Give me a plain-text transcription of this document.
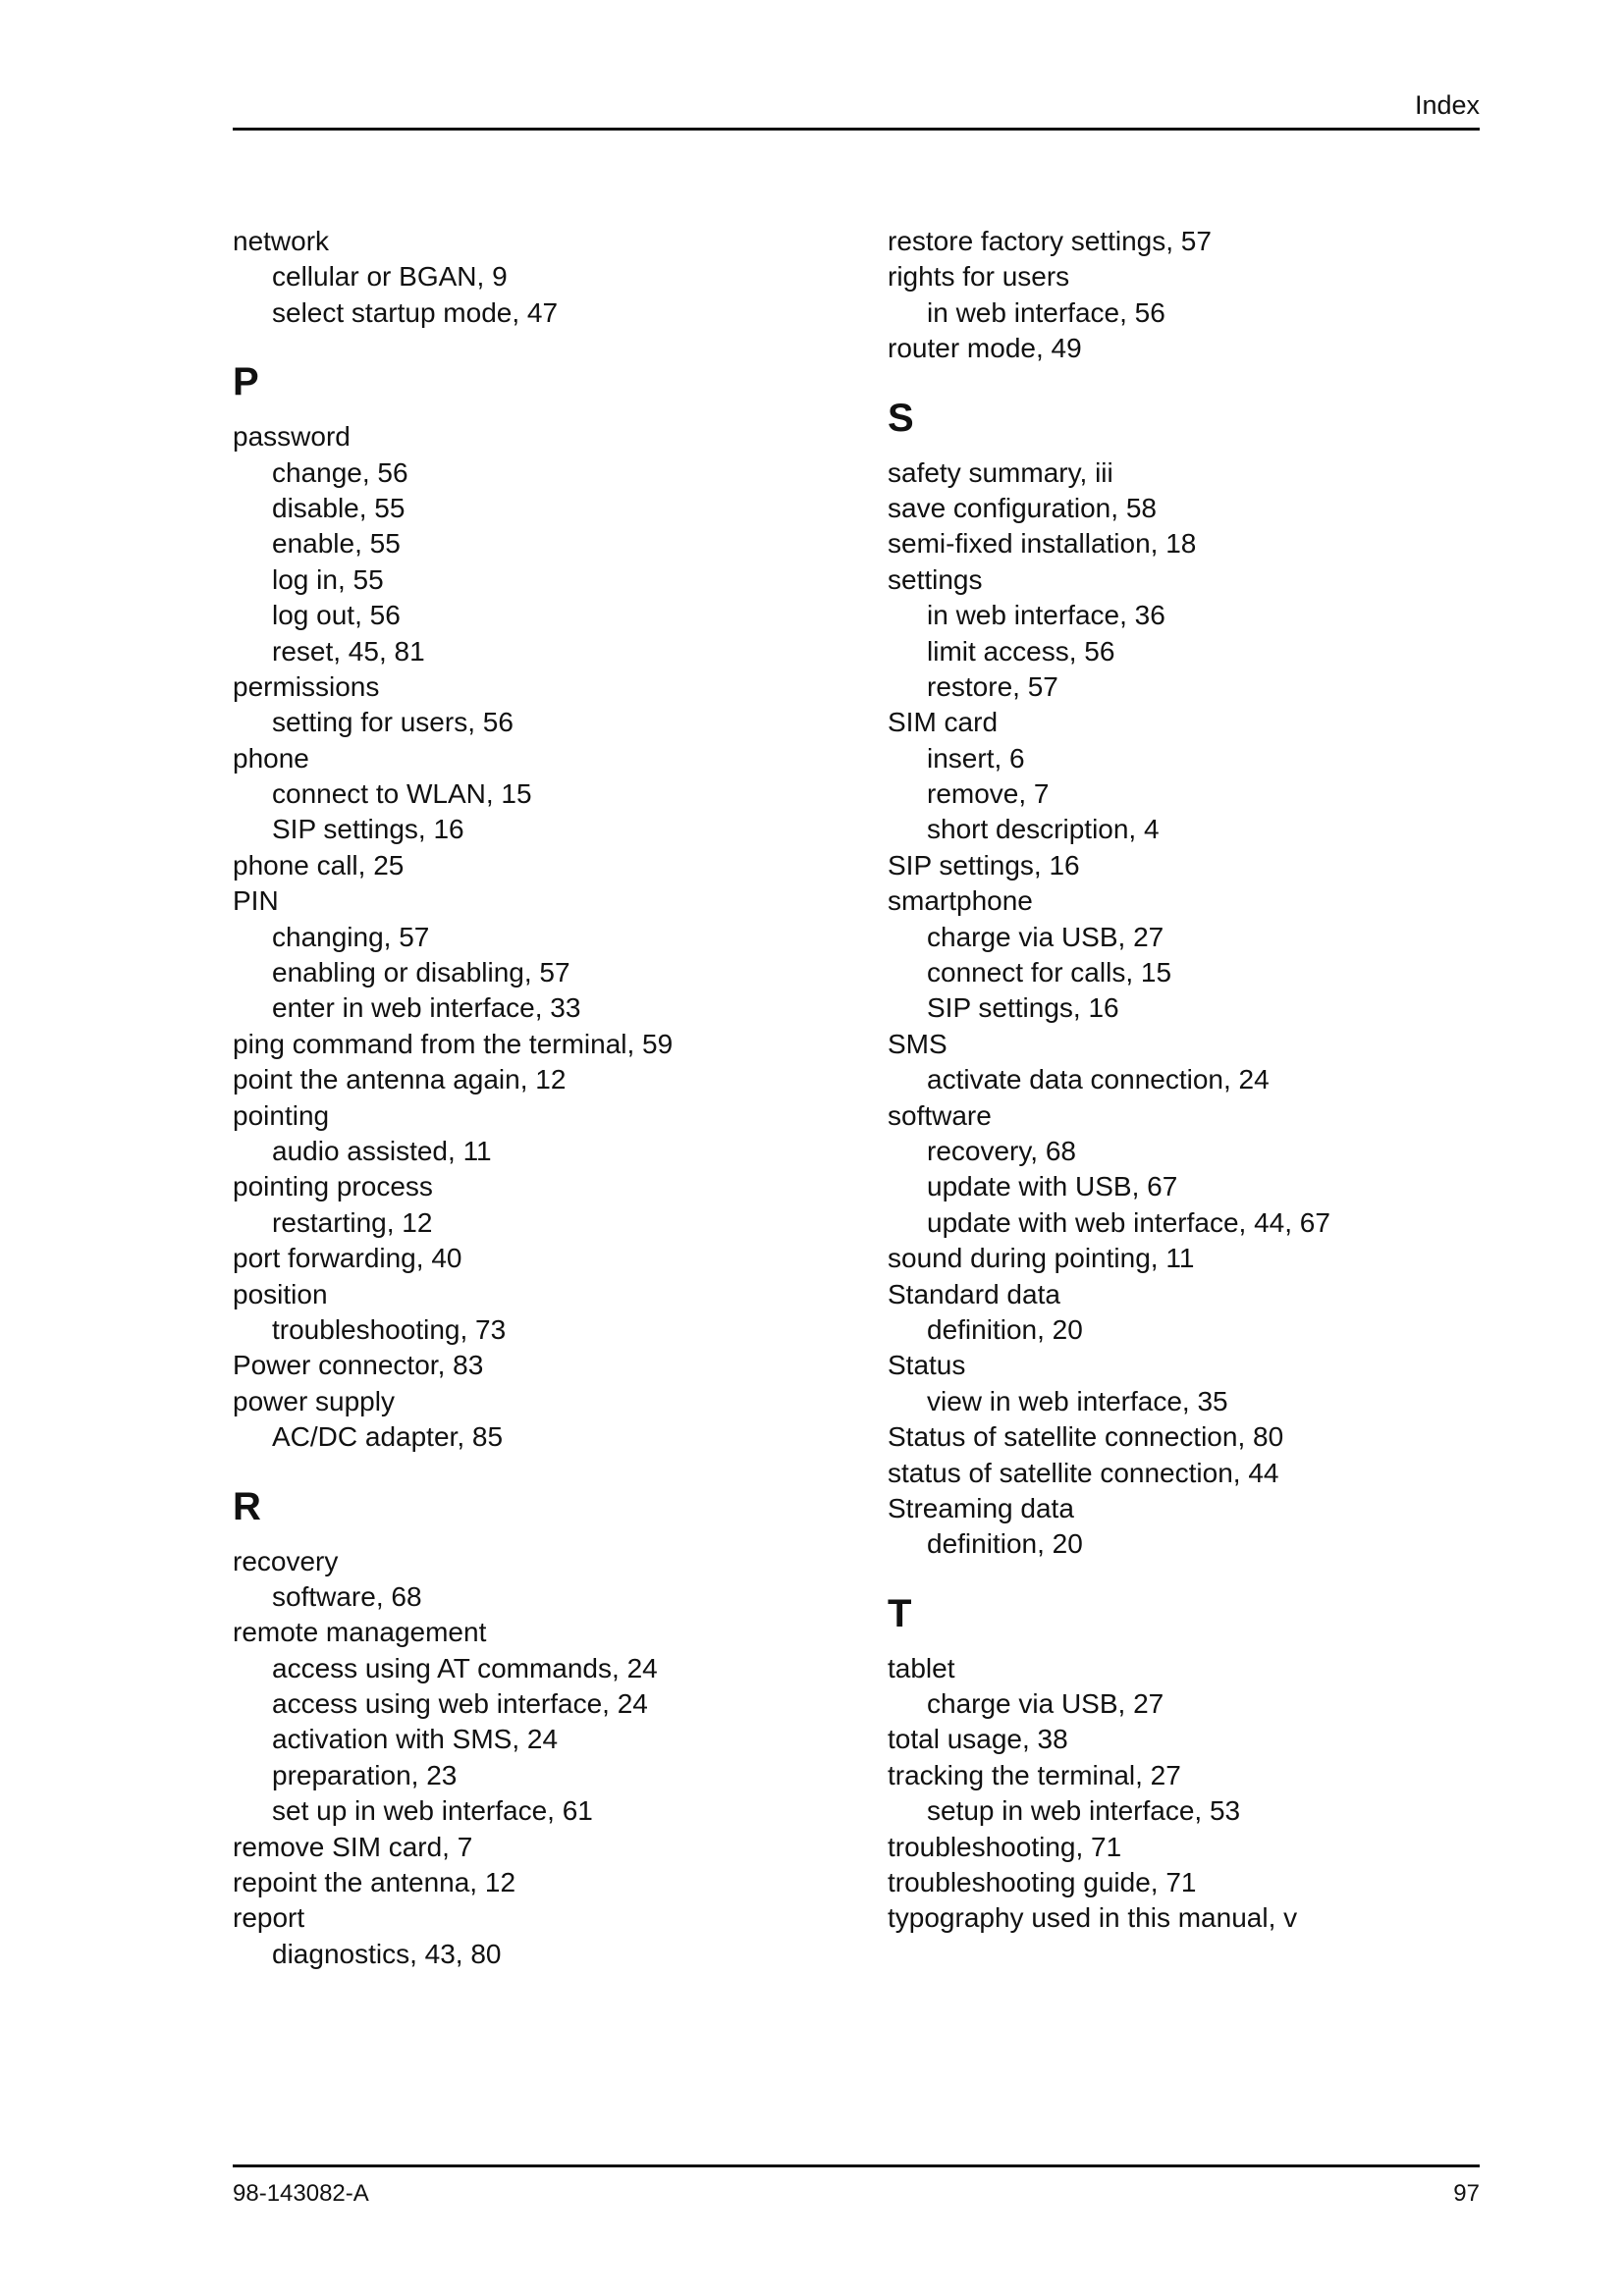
Index
network
cellular or BGAN, 9
select startup mode, 47
P
password
change, 56
disable, 55
enable, 55
log in, 55
log out, 56
reset, 45, 81
permissions
setting for users, 56
phone
connect to WLAN, 15
SIP settings, 16
phone call, 25
PIN
changing, 57
enabling or disabling, 57
enter in web interface, 33
ping command from the terminal, 59
point the antenna again, 12
pointing
audio assisted, 11
pointing process
restarting, 12
port forwarding, 40
position
troubleshooting, 73
Power connector, 83
power supply
AC/DC adapter, 85
R
recovery
software, 68
remote management
access using AT commands, 24
access using web interface, 24
activation with SMS, 24
preparation, 23
set up in web interface, 61
remove SIM card, 7
repoint the antenna, 12
report
diagnostics, 43, 80
restore factory settings, 57
rights for users
in web interface, 56
router mode, 49
S
safety summary, iii
save configuration, 58
semi-fixed installation, 18
settings
in web interface, 36
limit access, 56
restore, 57
SIM card
insert, 6
remove, 7
short description, 4
SIP settings, 16
smartphone
charge via USB, 27
connect for calls, 15
SIP settings, 16
SMS
activate data connection, 24
software
recovery, 68
update with USB, 67
update with web interface, 44, 67
sound during pointing, 11
Standard data
definition, 20
Status
view in web interface, 35
Status of satellite connection, 80
status of satellite connection, 44
Streaming data
definition, 20
T
tablet
charge via USB, 27
total usage, 38
tracking the terminal, 27
setup in web interface, 53
troubleshooting, 71
troubleshooting guide, 71
typography used in this manual, v
98-143082-A	97
